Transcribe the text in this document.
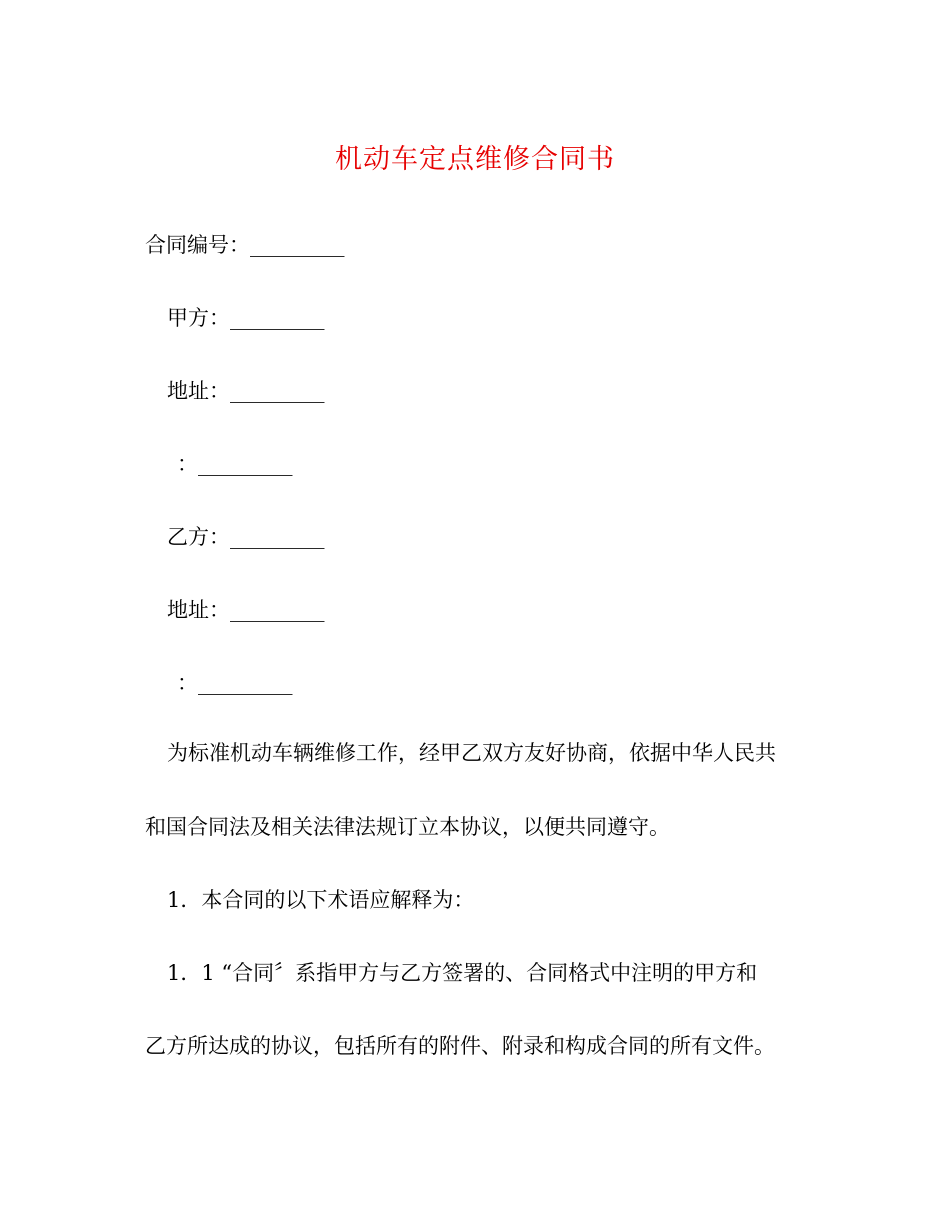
机动车定点维修合同书
合同编号：_________
甲方：_________
地址：_________
：_________
乙方：_________
地址：_________
：_________
为标准机动车辆维修工作，经甲乙双方友好协商，依据中华人民共
和国合同法及相关法律法规订立本协议，以便共同遵守。
1．本合同的以下术语应解释为：
1．1 “合同〞系指甲方与乙方签署的、合同格式中注明的甲方和
乙方所达成的协议，包括所有的附件、附录和构成合同的所有文件。
